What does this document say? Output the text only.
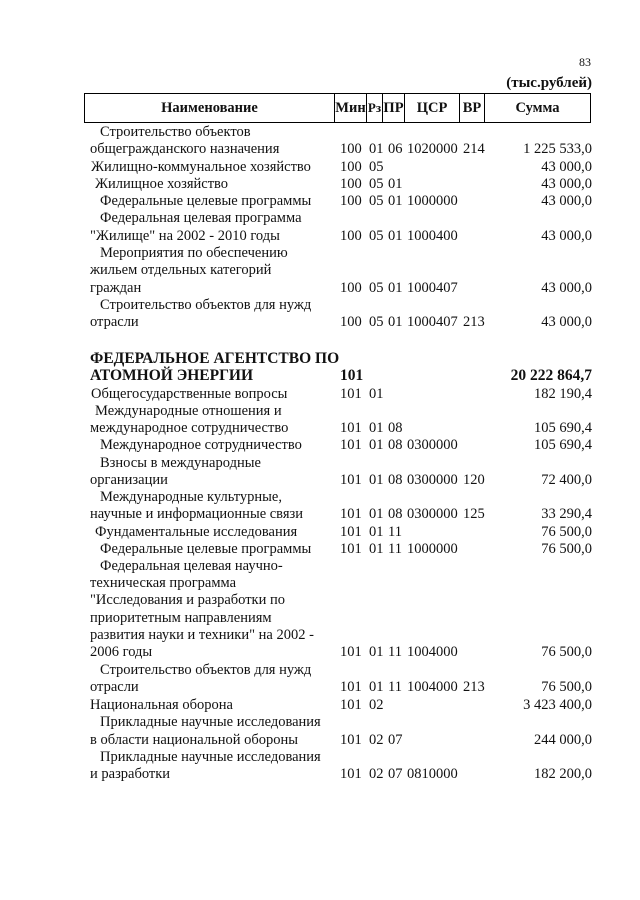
83
(тыс.рублей)
Наименование	Мин Рз ПР ЦСР	ВР	Сумма
Строительство объектов
общегражданского назначения	100 01 06 1020000 214	1 225 533,0
Жилищно-коммунальное хозяйство 100 05	43 000,0
Жилищное хозяйство	100 05 01	43 000,0
Федеральные целевые программы 100 05 01 1000000	43 000,0
Федеральная целевая программа
"Жилище" на 2002 - 2010 годы	100 05 01 1000400	43 000,0
Мероприятия по обеспечению
жильем отдельных категорий
граждан	100 05 01 1000407	43 000,0
Строительство объектов для нужд
отрасли	100 05 01 1000407 213	43 000,0
ФЕДЕРАЛЬНОЕ АГЕНТСТВО ПО
АТОМНОЙ ЭНЕРГИИ	101	20 222 864,7
Общегосударственные вопросы	101 01	182 190,4
Международные отношения и
международное сотрудничество	101 01 08	105 690,4
Международное сотрудничество	101 01 08 0300000	105 690,4
Взносы в международные
организации	101 01 08 0300000 120	72 400,0
Международные культурные,
научные и информационные связи	101 01 08 0300000 125	33 290,4
Фундаментальные исследования	101 01 11	76 500,0
Федеральные целевые программы 101 01 11 1000000	76 500,0
Федеральная целевая научно-
техническая программа
"Исследования и разработки по
приоритетным направлениям
развития науки и техники" на 2002 -
2006 годы	101 01 11 1004000	76 500,0
Строительство объектов для нужд
отрасли	101 01 11 1004000 213	76 500,0
Национальная оборона	101 02	3 423 400,0
Прикладные научные исследования
в области национальной обороны	101 02 07	244 000,0
Прикладные научные исследования
и разработки	101 02 07 0810000	182 200,0
